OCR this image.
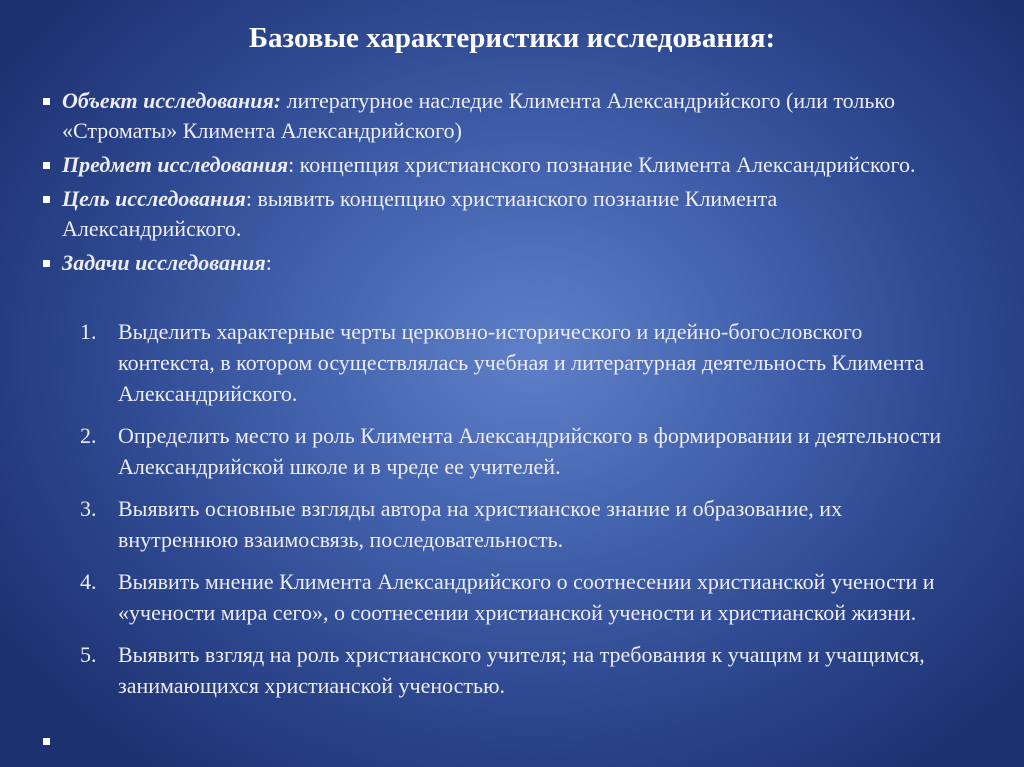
Базовые характеристики исследования:
Объект исследования: литературное наследие Климента Александрийского (или только «Строматы» Климента Александрийского)
Предмет исследования: концепция христианского познание Климента Александрийского.
Цель исследования: выявить концепцию христианского познание Климента Александрийского.
Задачи исследования:
1. Выделить характерные черты церковно-исторического и идейно-богословского контекста, в котором осуществлялась учебная и литературная деятельность Климента Александрийского.
2. Определить место и роль Климента Александрийского в формировании и деятельности Александрийской школе и в чреде ее учителей.
3. Выявить основные взгляды автора на христианское знание и образование, их внутреннюю взаимосвязь, последовательность.
4. Выявить мнение Климента Александрийского о соотнесении христианской учености и «учености мира сего», о соотнесении христианской учености и христианской жизни.
5. Выявить взгляд на роль христианского учителя; на требования к учащим и учащимся, занимающихся христианской ученостью.
